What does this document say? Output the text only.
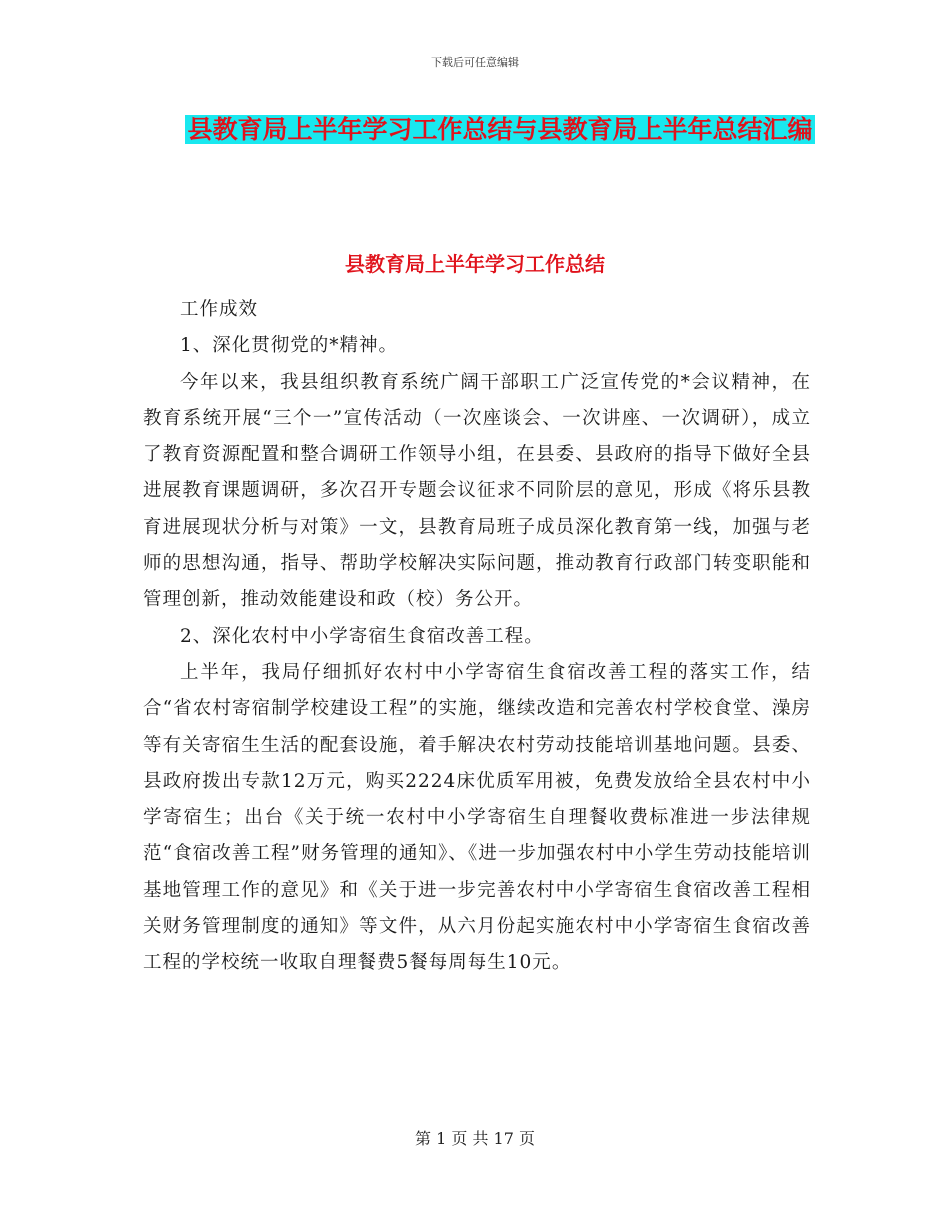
下载后可任意编辑
县教育局上半年学习工作总结与县教育局上半年总结汇编
县教育局上半年学习工作总结

工作成效

1、深化贯彻党的*精神。

今年以来，我县组织教育系统广阔干部职工广泛宣传党的*会议精神，在教育系统开展“三个一”宣传活动（一次座谈会、一次讲座、一次调研），成立了教育资源配置和整合调研工作领导小组，在县委、县政府的指导下做好全县进展教育课题调研，多次召开专题会议征求不同阶层的意见，形成《将乐县教育进展现状分析与对策》一文，县教育局班子成员深化教育第一线，加强与老师的思想沟通，指导、帮助学校解决实际问题，推动教育行政部门转变职能和管理创新，推动效能建设和政（校）务公开。

2、深化农村中小学寄宿生食宿改善工程。

上半年，我局仔细抓好农村中小学寄宿生食宿改善工程的落实工作，结合“省农村寄宿制学校建设工程”的实施，继续改造和完善农村学校食堂、澡房等有关寄宿生生活的配套设施，着手解决农村劳动技能培训基地问题。县委、县政府拨出专款12万元，购买2224床优质军用被，免费发放给全县农村中小学寄宿生；出台《关于统一农村中小学寄宿生自理餐收费标准进一步法律规范“食宿改善工程”财务管理的通知》、《进一步加强农村中小学生劳动技能培训基地管理工作的意见》和《关于进一步完善农村中小学寄宿生食宿改善工程相关财务管理制度的通知》等文件，从六月份起实施农村中小学寄宿生食宿改善工程的学校统一收取自理餐费5餐每周每生10元。

第 1 页 共 17 页
